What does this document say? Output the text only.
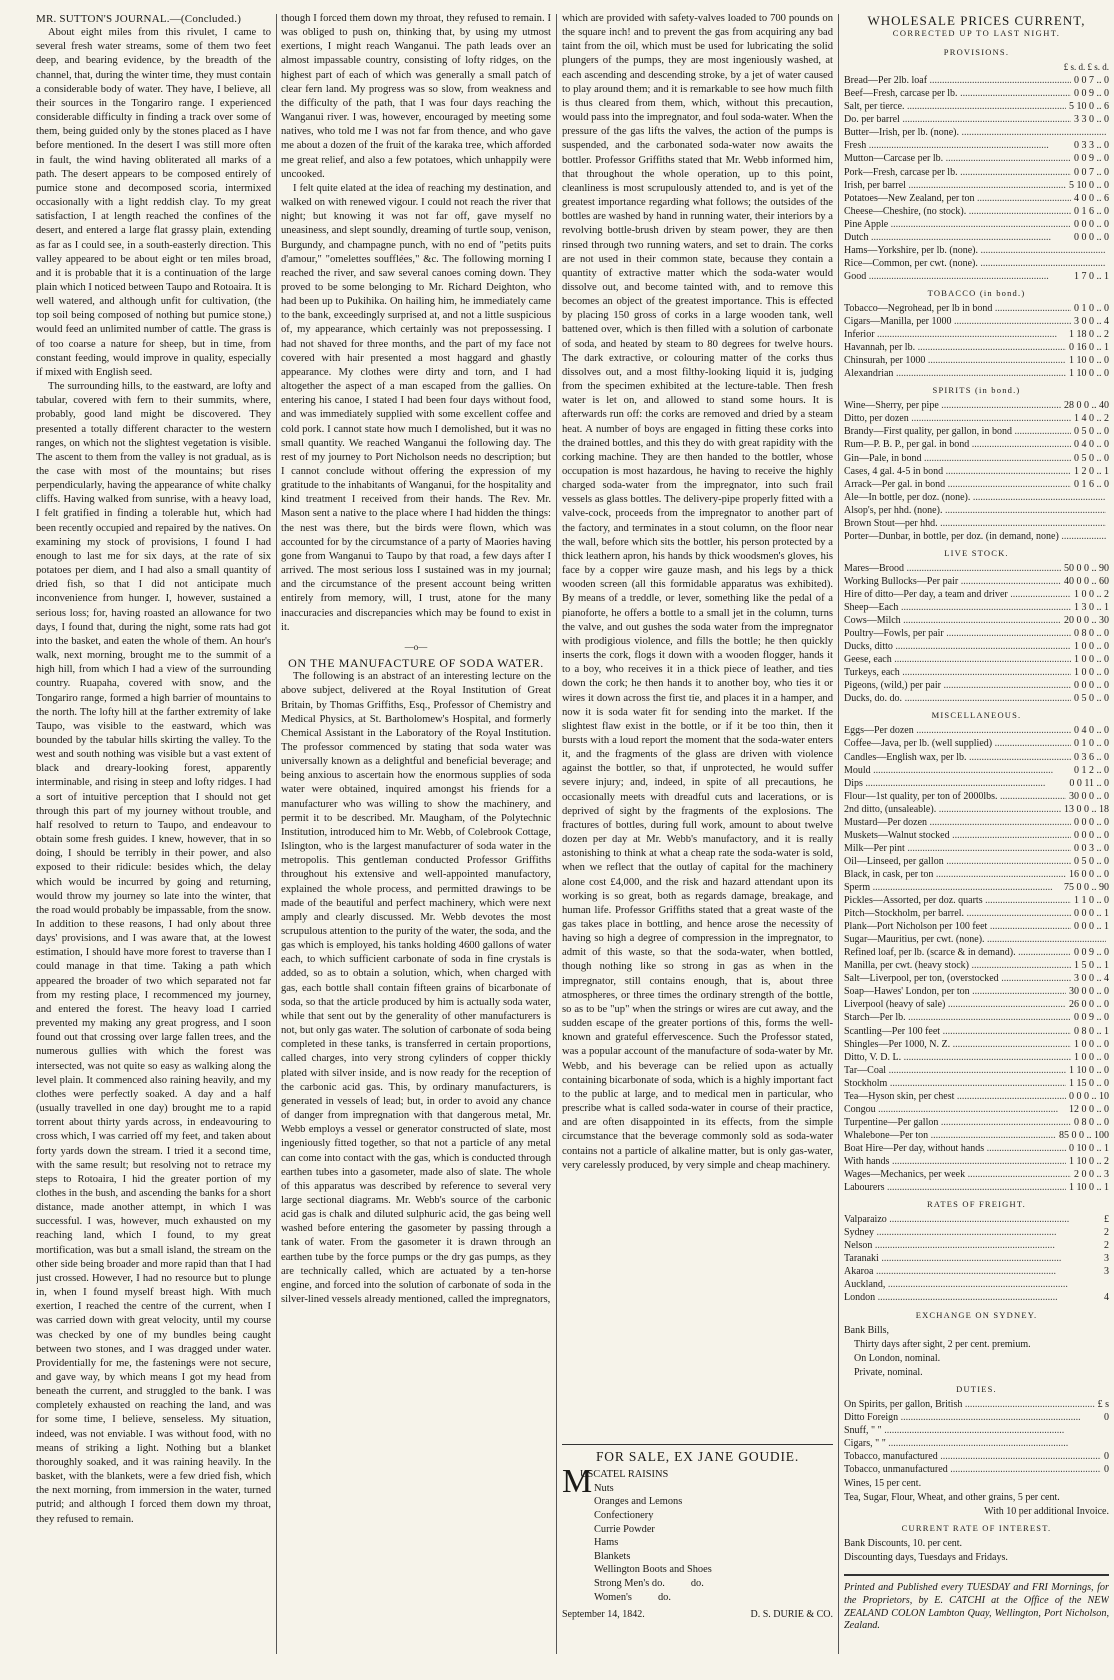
MR. SUTTON'S JOURNAL.—(Concluded.)

About eight miles from this rivulet, I came to several fresh water streams, some of them two feet deep, and bearing evidence, by the breadth of the channel, that, during the winter time, they must contain a considerable body of water. They have, I believe, all their sources in the Tongariro range. I experienced considerable difficulty in finding a track over some of them, being guided only by the stones placed as I have before mentioned. In the desert I was still more often in fault, the wind having obliterated all marks of a path. The desert appears to be composed entirely of pumice stone and decomposed scoria, intermixed occasionally with a light reddish clay. To my great satisfaction, I at length reached the confines of the desert, and entered a large flat grassy plain, extending as far as I could see, in a south-easterly direction. This valley appeared to be about eight or ten miles broad, and it is probable that it is a continuation of the large plain which I noticed between Taupo and Rotoaira. It is well watered, and although unfit for cultivation, (the top soil being composed of nothing but pumice stone,) would feed an unlimited number of cattle. The grass is of too coarse a nature for sheep, but in time, from constant feeding, would improve in quality, especially if mixed with English seed.

The surrounding hills, to the eastward, are lofty and tabular, covered with fern to their summits, where, probably, good land might be discovered. They presented a totally different character to the western ranges, on which not the slightest vegetation is visible. The ascent to them from the valley is not gradual, as is the case with most of the mountains; but rises perpendicularly, having the appearance of white chalky cliffs. Having walked from sunrise, with a heavy load, I felt gratified in finding a tolerable hut, which had been recently occupied and repaired by the natives. On examining my stock of provisions, I found I had enough to last me for six days, at the rate of six potatoes per diem, and I had also a small quantity of dried fish, so that I did not anticipate much inconvenience from hunger. I, however, sustained a serious loss; for, having roasted an allowance for two days, I found that, during the night, some rats had got into the basket, and eaten the whole of them. An hour's walk, next morning, brought me to the summit of a high hill, from which I had a view of the surrounding country. Ruapaha, covered with snow, and the Tongariro range, formed a high barrier of mountains to the north. The lofty hill at the farther extremity of lake Taupo, was visible to the eastward, which was bounded by the tabular hills skirting the valley. To the west and south nothing was visible but a vast extent of black and dreary-looking forest, apparently interminable, and rising in steep and lofty ridges. I had a sort of intuitive perception that I should not get through this part of my journey without trouble, and half resolved to return to Taupo, and endeavour to obtain some fresh guides. I knew, however, that in so doing, I should be terribly in their power, and also exposed to their ridicule: besides which, the delay which would be incurred by going and returning, would throw my journey so late into the winter, that the road would probably be impassable, from the snow. In addition to these reasons, I had only about three days' provisions, and I was aware that, at the lowest estimation, I should have more forest to traverse than I could manage in that time. Taking a path which appeared the broader of two which separated not far from my resting place, I recommenced my journey, and entered the forest. The heavy load I carried prevented my making any great progress, and I soon found out that crossing over large fallen trees, and the numerous gullies with which the forest was intersected, was not quite so easy as walking along the level plain. It commenced also raining heavily, and my clothes were perfectly soaked. A day and a half (usually travelled in one day) brought me to a rapid torrent about thirty yards across, in endeavouring to cross which, I was carried off my feet, and taken about forty yards down the stream. I tried it a second time, with the same result; but resolving not to retrace my steps to Rotoaira, I hid the greater portion of my clothes in the bush, and ascending the banks for a short distance, made another attempt, in which I was successful. I was, however, much exhausted on my reaching land, which I found, to my great mortification, was but a small island, the stream on the other side being broader and more rapid than that I had just crossed. However, I had no resource but to plunge in, when I found myself breast high. With much exertion, I reached the centre of the current, when I was carried down with great velocity, until my course was checked by one of my bundles being caught between two stones, and I was dragged under water. Providentially for me, the fastenings were not secure, and gave way, by which means I got my head from beneath the current, and struggled to the bank. I was completely exhausted on reaching the land, and was for some time, I believe, senseless. My situation, indeed, was not enviable. I was without food, with no means of striking a light. Nothing but a blanket thoroughly soaked, and it was raining heavily. In the basket, with the blankets, were a few dried fish, which the next morning, from immersion in the water, turned putrid; and although I forced them down my throat, they refused to remain.

though I forced them down my throat, they refused to remain. I was obliged to push on, thinking that, by using my utmost exertions, I might reach Wanganui. The path leads over an almost impassable country, consisting of lofty ridges, on the highest part of each of which was generally a small patch of clear fern land. My progress was so slow, from weakness and the difficulty of the path, that I was four days reaching the Wanganui river. I was, however, encouraged by meeting some natives, who told me I was not far from thence, and who gave me about a dozen of the fruit of the karaka tree, which afforded me great relief, and also a few potatoes, which unhappily were uncooked.

I felt quite elated at the idea of reaching my destination, and walked on with renewed vigour. I could not reach the river that night; but knowing it was not far off, gave myself no uneasiness, and slept soundly, dreaming of turtle soup, venison, Burgundy, and champagne punch, with no end of "petits puits d'amour," "omelettes soufflées," &c. The following morning I reached the river, and saw several canoes coming down. They proved to be some belonging to Mr. Richard Deighton, who had been up to Pukihika. On hailing him, he immediately came to the bank, exceedingly surprised at, and not a little suspicious of, my appearance, which certainly was not prepossessing. I had not shaved for three months, and the part of my face not covered with hair presented a most haggard and ghastly appearance. My clothes were dirty and torn, and I had altogether the aspect of a man escaped from the gallies. On entering his canoe, I stated I had been four days without food, and was immediately supplied with some excellent coffee and cold pork. I cannot state how much I demolished, but it was no small quantity. We reached Wanganui the following day. The rest of my journey to Port Nicholson needs no description; but I cannot conclude without offering the expression of my gratitude to the inhabitants of Wanganui, for the hospitality and kind treatment I received from their hands. The Rev. Mr. Mason sent a native to the place where I had hidden the things: the nest was there, but the birds were flown, which was accounted for by the circumstance of a party of Maories having gone from Wanganui to Taupo by that road, a few days after I arrived. The most serious loss I sustained was in my journal; and the circumstance of the present account being written entirely from memory, will, I trust, atone for the many inaccuracies and discrepancies which may be found to exist in it.

—o—

ON THE MANUFACTURE OF SODA WATER.

The following is an abstract of an interesting lecture on the above subject, delivered at the Royal Institution of Great Britain, by Thomas Griffiths, Esq., Professor of Chemistry and Medical Physics, at St. Bartholomew's Hospital, and formerly Chemical Assistant in the Laboratory of the Royal Institution. The professor commenced by stating that soda water was universally known as a delightful and beneficial beverage; and being anxious to ascertain how the enormous supplies of soda water were obtained, inquired amongst his friends for a manufacturer who was willing to show the machinery, and permit it to be described. Mr. Maugham, of the Polytechnic Institution, introduced him to Mr. Webb, of Colebrook Cottage, Islington, who is the largest manufacturer of soda water in the metropolis. This gentleman conducted Professor Griffiths throughout his extensive and well-appointed manufactory, explained the whole process, and permitted drawings to be made of the beautiful and perfect machinery, which were next amply and clearly discussed. Mr. Webb devotes the most scrupulous attention to the purity of the water, the soda, and the gas which is employed, his tanks holding 4600 gallons of water each, to which sufficient carbonate of soda in fine crystals is added, so as to obtain a solution, which, when charged with gas, each bottle shall contain fifteen grains of bicarbonate of soda, so that the article produced by him is actually soda water, while that sent out by the generality of other manufacturers is not, but only gas water. The solution of carbonate of soda being completed in these tanks, is transferred in certain proportions, called charges, into very strong cylinders of copper thickly plated with silver inside, and is now ready for the reception of the carbonic acid gas. This, by ordinary manufacturers, is generated in vessels of lead; but, in order to avoid any chance of danger from impregnation with that dangerous metal, Mr. Webb employs a vessel or generator constructed of slate, most ingeniously fitted together, so that not a particle of any metal can come into contact with the gas, which is conducted through earthen tubes into a gasometer, made also of slate. The whole of this apparatus was described by reference to several very large sectional diagrams. Mr. Webb's source of the carbonic acid gas is chalk and diluted sulphuric acid, the gas being well washed before entering the gasometer by passing through a tank of water. From the gasometer it is drawn through an earthen tube by the force pumps or the dry gas pumps, as they are technically called, which are actuated by a ten-horse engine, and forced into the solution of carbonate of soda in the silver-lined vessels already mentioned, called the impregnators,

which are provided with safety-valves loaded to 700 pounds on the square inch! and to prevent the gas from acquiring any bad taint from the oil, which must be used for lubricating the solid plungers of the pumps, they are most ingeniously washed, at each ascending and descending stroke, by a jet of water caused to play around them; and it is remarkable to see how much filth is thus cleared from them, which, without this precaution, would pass into the impregnator, and foul soda-water. When the pressure of the gas lifts the valves, the action of the pumps is suspended, and the carbonated soda-water now awaits the bottler. Professor Griffiths stated that Mr. Webb informed him, that throughout the whole operation, up to this point, cleanliness is most scrupulously attended to, and is yet of the greatest importance regarding what follows; the outsides of the bottles are washed by hand in running water, their interiors by a revolving bottle-brush driven by steam power, they are then rinsed through two running waters, and set to drain. The corks are not used in their common state, because they contain a quantity of extractive matter which the soda-water would dissolve out, and become tainted with, and to remove this becomes an object of the greatest importance. This is effected by placing 150 gross of corks in a large wooden tank, well battened over, which is then filled with a solution of carbonate of soda, and heated by steam to 80 degrees for twelve hours. The dark extractive, or colouring matter of the corks thus dissolves out, and a most filthy-looking liquid it is, judging from the specimen exhibited at the lecture-table. Then fresh water is let on, and allowed to stand some hours. It is afterwards run off: the corks are removed and dried by a steam heat. A number of boys are engaged in fitting these corks into the drained bottles, and this they do with great rapidity with the corking machine. They are then handed to the bottler, whose occupation is most hazardous, he having to receive the highly charged soda-water from the impregnator, into such frail vessels as glass bottles. The delivery-pipe properly fitted with a valve-cock, proceeds from the impregnator to another part of the factory, and terminates in a stout column, on the floor near the wall, before which sits the bottler, his person protected by a thick leathern apron, his hands by thick woodsmen's gloves, his face by a copper wire gauze mash, and his legs by a thick wooden screen (all this formidable apparatus was exhibited). By means of a treddle, or lever, something like the pedal of a pianoforte, he offers a bottle to a small jet in the column, turns the valve, and out gushes the soda water from the impregnator with prodigious violence, and fills the bottle; he then quickly inserts the cork, flogs it down with a wooden flogger, hands it to a boy, who receives it in a thick piece of leather, and ties down the cork; he then hands it to another boy, who ties it or wires it down across the first tie, and places it in a hamper, and now it is soda water fit for sending into the market. If the slightest flaw exist in the bottle, or if it be too thin, then it bursts with a loud report the moment that the soda-water enters it, and the fragments of the glass are driven with violence against the bottler, so that, if unprotected, he would suffer severe injury; and, indeed, in spite of all precautions, he occasionally meets with dreadful cuts and lacerations, or is deprived of sight by the fragments of the explosions. The fractures of bottles, during full work, amount to about twelve dozen per day at Mr. Webb's manufactory, and it is really astonishing to think at what a cheap rate the soda-water is sold, when we reflect that the outlay of capital for the machinery alone cost £4,000, and the risk and hazard attendant upon its working is so great, both as regards damage, breakage, and human life. Professor Griffiths stated that a great waste of the gas takes place in bottling, and hence arose the necessity of having so high a degree of compression in the impregnator, to admit of this waste, so that the soda-water, when bottled, though nothing like so strong in gas as when in the impregnator, still contains enough, that is, about three atmospheres, or three times the ordinary strength of the bottle, so as to be "up" when the strings or wires are cut away, and the sudden escape of the greater portions of this, forms the well-known and grateful effervescence. Such the Professor stated, was a popular account of the manufacture of soda-water by Mr. Webb, and his beverage can be relied upon as actually containing bicarbonate of soda, which is a highly important fact to the public at large, and to medical men in particular, who prescribe what is called soda-water in course of their practice, and are often disappointed in its effects, from the simple circumstance that the beverage commonly sold as soda-water contains not a particle of alkaline matter, but is only gas-water, very carelessly produced, by very simple and cheap machinery.

FOR SALE, EX JANE GOUDIE.
M
USCATEL RAISINS
Nuts
Oranges and Lemons
Confectionery
Currie Powder
Hams
Blankets
Wellington Boots and Shoes
Strong Men's do.          do.
Women's          do.
September 14, 1842.	D. S. DURIE & CO.
WHOLESALE PRICES CURRENT,
CORRECTED UP TO LAST NIGHT.
PROVISIONS.
£ s. d. £ s. d.
Bread—Per 2lb. loaf .....	0 0 7 .. 0
Beef—Fresh, carcase per lb. .....	0 0 9 .. 0
Salt, per tierce. .....	5 10 0 .. 6
Do. per barrel .....	3 3 0 .. 0
Butter—Irish, per lb. (none). .....
Fresh .....	0 3 3 .. 0
Mutton—Carcase per lb. .....	0 0 9 .. 0
Pork—Fresh, carcase per lb. .....	0 0 7 .. 0
Irish, per barrel .....	5 10 0 .. 0
Potatoes—New Zealand, per ton .....	4 0 0 .. 6
Cheese—Cheshire, (no stock). .....	0 1 6 .. 0
Pine Apple .....	0 0 0 .. 0
Dutch .....	0 0 0 .. 0
Hams—Yorkshire, per lb. (none). .....
Rice—Common, per cwt. (none). .....
Good .....	1 7 0 .. 1
TOBACCO (in bond.)
Tobacco—Negrohead, per lb in bond .....	0 1 0 .. 0
Cigars—Manilla, per 1000 .....	3 0 0 .. 4
Inferior .....	1 18 0 .. 2
Havannah, per lb. .....	0 16 0 .. 1
Chinsurah, per 1000 .....	1 10 0 .. 0
Alexandrian .....	1 10 0 .. 0
SPIRITS (in bond.)
Wine—Sherry, per pipe .....	28 0 0 .. 40
Ditto, per dozen .....	1 4 0 .. 2
Brandy—First quality, per gallon, in bond .....	0 5 0 .. 0
Rum—P. B. P., per gal. in bond .....	0 4 0 .. 0
Gin—Pale, in bond .....	0 5 0 .. 0
Cases, 4 gal. 4-5 in bond .....	1 2 0 .. 1
Arrack—Per gal. in bond .....	0 1 6 .. 0
Ale—In bottle, per doz. (none). .....
Alsop's, per hhd. (none). .....
Brown Stout—per hhd. .....
Porter—Dunbar, in bottle, per doz. (in demand, none) .....
LIVE STOCK.
Mares—Brood .....	50 0 0 .. 90
Working Bullocks—Per pair .....	40 0 0 .. 60
Hire of ditto—Per day, a team and driver .....	1 0 0 .. 2
Sheep—Each .....	1 3 0 .. 1
Cows—Milch .....	20 0 0 .. 30
Poultry—Fowls, per pair .....	0 8 0 .. 0
Ducks, ditto .....	1 0 0 .. 0
Geese, each .....	1 0 0 .. 0
Turkeys, each .....	1 0 0 .. 0
Pigeons, (wild,) per pair .....	0 0 0 .. 0
Ducks, do. do. .....	0 5 0 .. 0
MISCELLANEOUS.
Eggs—Per dozen .....	0 4 0 .. 0
Coffee—Java, per lb. (well supplied) .....	0 1 0 .. 0
Candles—English wax, per lb. .....	0 3 6 .. 0
Mould .....	0 1 2 .. 0
Dips .....	0 0 11 .. 0
Flour—1st quality, per ton of 2000lbs. .....	30 0 0 .. 0
2nd ditto, (unsaleable). .....	13 0 0 .. 18
Mustard—Per dozen .....	0 0 0 .. 0
Muskets—Walnut stocked .....	0 0 0 .. 0
Milk—Per pint .....	0 0 3 .. 0
Oil—Linseed, per gallon .....	0 5 0 .. 0
Black, in cask, per ton .....	16 0 0 .. 0
Sperm .....	75 0 0 .. 90
Pickles—Assorted, per doz. quarts .....	1 1 0 .. 0
Pitch—Stockholm, per barrel. .....	0 0 0 .. 1
Plank—Port Nicholson per 100 feet .....	0 0 0 .. 1
Sugar—Mauritius, per cwt. (none). .....
Refined loaf, per lb. (scarce & in demand). .....	0 0 9 .. 0
Manilla, per cwt. (heavy stock) .....	1 5 0 .. 1
Salt—Liverpool, per ton, (overstocked .....	3 0 0 .. 4
Soap—Hawes' London, per ton .....	30 0 0 .. 0
Liverpool (heavy of sale) .....	26 0 0 .. 0
Starch—Per lb. .....	0 0 9 .. 0
Scantling—Per 100 feet .....	0 8 0 .. 1
Shingles—Per 1000, N. Z. .....	1 0 0 .. 0
Ditto, V. D. L. .....	1 0 0 .. 0
Tar—Coal .....	1 10 0 .. 0
Stockholm .....	1 15 0 .. 0
Tea—Hyson skin, per chest .....	0 0 0 .. 10
Congou .....	12 0 0 .. 0
Turpentine—Per gallon .....	0 8 0 .. 0
Whalebone—Per ton .....	85 0 0 .. 100
Boat Hire—Per day, without hands .....	0 10 0 .. 1
With hands .....	1 10 0 .. 2
Wages—Mechanics, per week .....	2 0 0 .. 3
Labourers .....	1 10 0 .. 1
RATES OF FREIGHT.
Valparaizo .....	£
Sydney .....	2
Nelson .....	2
Taranaki .....	3
Akaroa .....	3
Auckland, .....
London .....	4
EXCHANGE ON SYDNEY.
Bank Bills,
Thirty days after sight, 2 per cent. premium.
On London, nominal.
Private, nominal.
DUTIES.
On Spirits, per gallon, British .....	£ s
Ditto Foreign .....	0
Snuff, " " .....
Cigars, " " .....
Tobacco, manufactured .....	0
Tobacco, unmanufactured .....	0
Wines, 15 per cent.
Tea, Sugar, Flour, Wheat, and other grains, 5 per cent.
With 10 per additional Invoice.
CURRENT RATE OF INTEREST.
Bank Discounts, 10. per cent.
Discounting days, Tuesdays and Fridays.
Printed and Published every TUESDAY and FRI Mornings, for the Proprietors, by E. CATCHI at the Office of the NEW ZEALAND COLON Lambton Quay, Wellington, Port Nicholson, Zealand.
